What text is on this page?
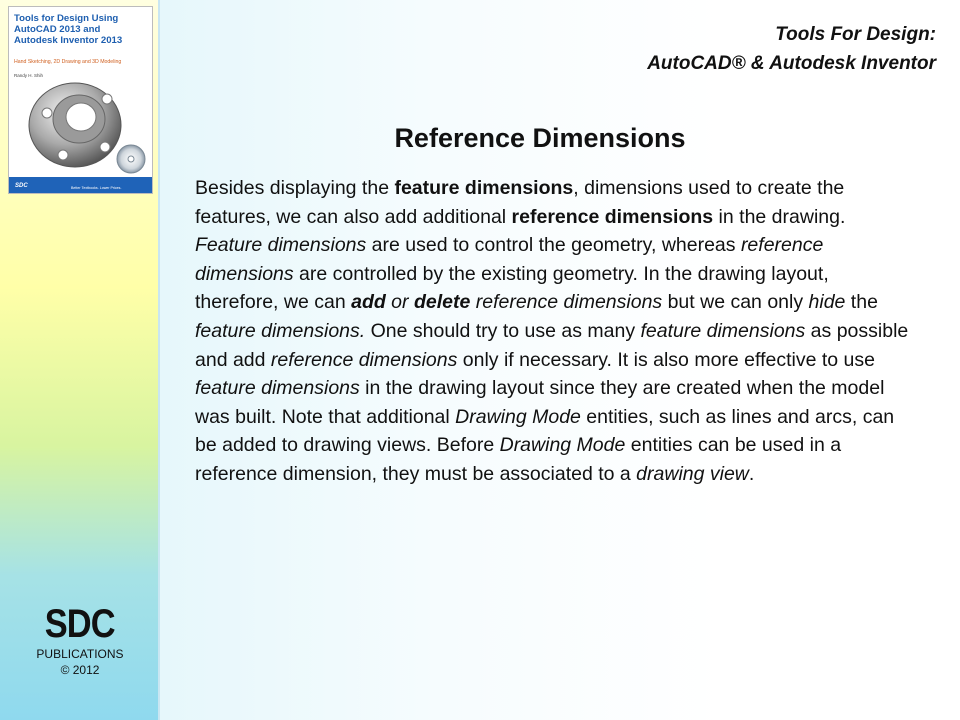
Tools for Design Using
AutoCAD 2013 and
Autodesk Inventor 2013
Hand Sketching, 2D Drawing and 3D Modeling
Randy H. Shih
SDC	Better Textbooks. Lower Prices.
SDC
PUBLICATIONS
© 2012
Tools For Design:
AutoCAD® & Autodesk Inventor
Reference Dimensions

Besides displaying the feature dimensions, dimensions used to create the features, we can also add additional reference dimensions in the drawing. Feature dimensions are used to control the geometry, whereas reference dimensions are controlled by the existing geometry. In the drawing layout, therefore, we can add or delete reference dimensions but we can only hide the feature dimensions. One should try to use as many feature dimensions as possible and add reference dimensions only if necessary. It is also more effective to use feature dimensions in the drawing layout since they are created when the model was built. Note that additional Drawing Mode entities, such as lines and arcs, can be added to drawing views. Before Drawing Mode entities can be used in a reference dimension, they must be associated to a drawing view.
